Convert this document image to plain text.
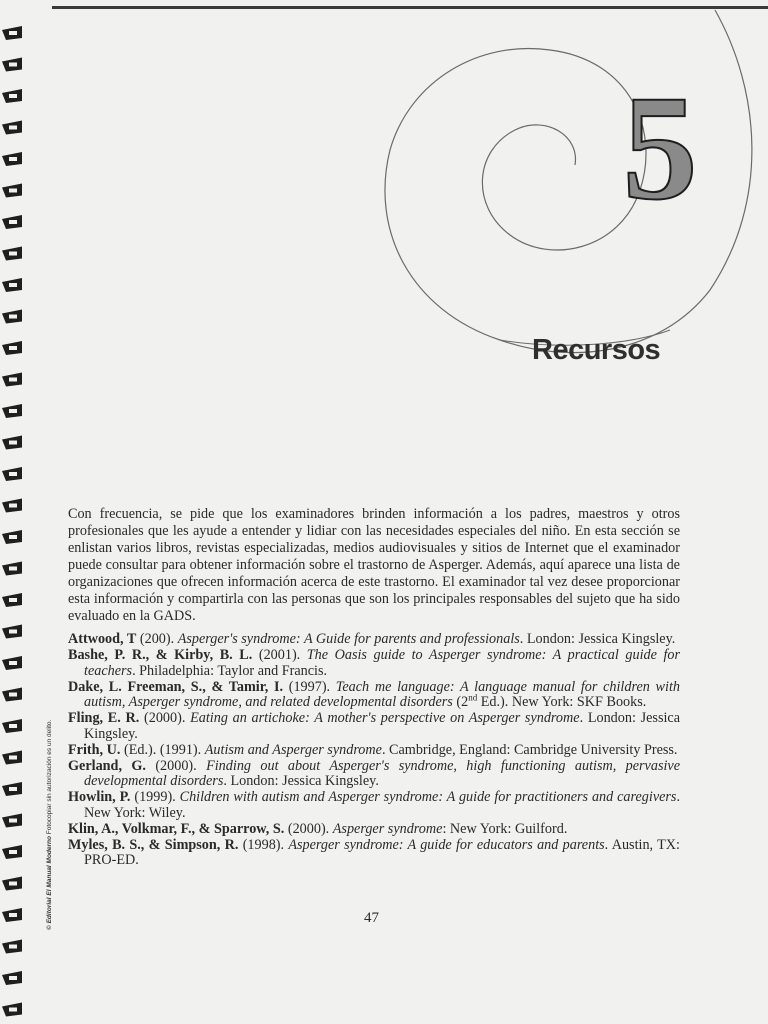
5
Recursos

Con frecuencia, se pide que los examinadores brinden información a los padres, maestros y otros profesionales que les ayude a entender y lidiar con las necesidades especiales del niño. En esta sección se enlistan varios libros, revistas especializadas, medios audiovisuales y sitios de Internet que el examinador puede consultar para obtener información sobre el trastorno de Asperger. Además, aquí aparece una lista de organizaciones que ofrecen información acerca de este trastorno. El examinador tal vez desee proporcionar esta información y compartirla con las personas que son los principales responsables del sujeto que ha sido evaluado en la GADS.

Attwood, T (200). Asperger's syndrome: A Guide for parents and professionals. London: Jessica Kingsley.
Bashe, P. R., & Kirby, B. L. (2001). The Oasis guide to Asperger syndrome: A practical guide for teachers. Philadelphia: Taylor and Francis.
Dake, L. Freeman, S., & Tamir, I. (1997). Teach me language: A language manual for children with autism, Asperger syndrome, and related developmental disorders (2nd Ed.). New York: SKF Books.
Fling, E. R. (2000). Eating an artichoke: A mother's perspective on Asperger syndrome. London: Jessica Kingsley.
Frith, U. (Ed.). (1991). Autism and Asperger syndrome. Cambridge, England: Cambridge University Press.
Gerland, G. (2000). Finding out about Asperger's syndrome, high functioning autism, pervasive developmental disorders. London: Jessica Kingsley.
Howlin, P. (1999). Children with autism and Asperger syndrome: A guide for practitioners and caregivers. New York: Wiley.
Klin, A., Volkmar, F., & Sparrow, S. (2000). Asperger syndrome: New York: Guilford.
Myles, B. S., & Simpson, R. (1998). Asperger syndrome: A guide for educators and parents. Austin, TX: PRO-ED.
47
© Editorial El Manual Moderno Fotocopiar sin autorización es un delito.
